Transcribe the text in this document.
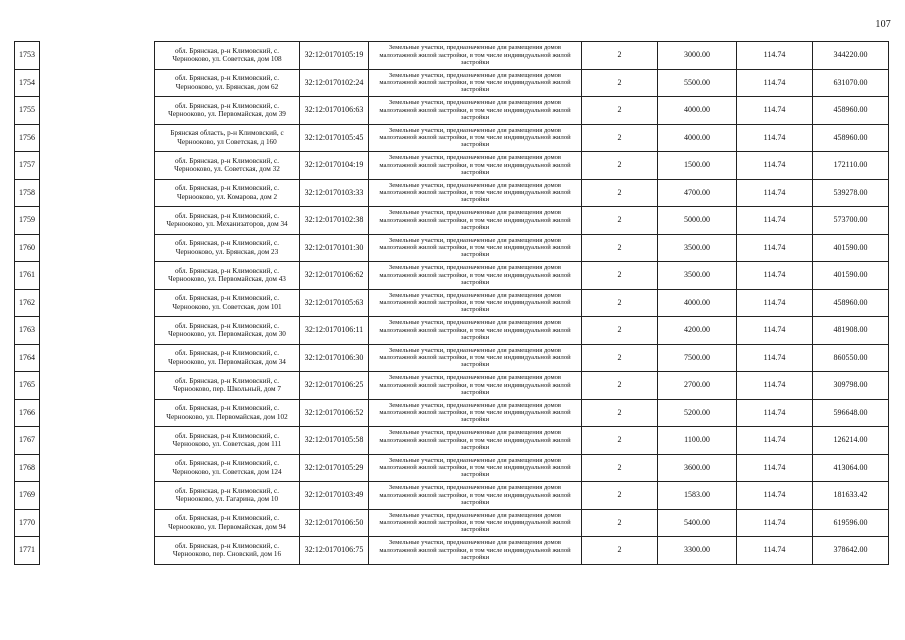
107
1753		обл. Брянская, р-н Климовский, с. Чернооково, ул. Советская, дом 108	32:12:0170105:19	Земельные участки, предназначенные для размещения домов малоэтажной жилой застройки, в том числе индивидуальной жилой застройки	2	3000.00	114.74	344220.00
1754		обл. Брянская, р-н Климовский, с. Чернооково, ул. Брянская, дом 62	32:12:0170102:24	Земельные участки, предназначенные для размещения домов малоэтажной жилой застройки, в том числе индивидуальной жилой застройки	2	5500.00	114.74	631070.00
1755		обл. Брянская, р-н Климовский, с. Чернооково, ул. Первомайская, дом 39	32:12:0170106:63	Земельные участки, предназначенные для размещения домов малоэтажной жилой застройки, в том числе индивидуальной жилой застройки	2	4000.00	114.74	458960.00
1756		Брянская область, р-н Климовский, с Чернооково, ул Советская, д 160	32:12:0170105:45	Земельные участки, предназначенные для размещения домов малоэтажной жилой застройки, в том числе индивидуальной жилой застройки	2	4000.00	114.74	458960.00
1757		обл. Брянская, р-н Климовский, с. Чернооково, ул. Советская, дом 32	32:12:0170104:19	Земельные участки, предназначенные для размещения домов малоэтажной жилой застройки, в том числе индивидуальной жилой застройки	2	1500.00	114.74	172110.00
1758		обл. Брянская, р-н Климовский, с. Чернооково, ул. Комарова, дом 2	32:12:0170103:33	Земельные участки, предназначенные для размещения домов малоэтажной жилой застройки, в том числе индивидуальной жилой застройки	2	4700.00	114.74	539278.00
1759		обл. Брянская, р-н Климовский, с. Чернооково, ул. Механизаторов, дом 34	32:12:0170102:38	Земельные участки, предназначенные для размещения домов малоэтажной жилой застройки, в том числе индивидуальной жилой застройки	2	5000.00	114.74	573700.00
1760		обл. Брянская, р-н Климовский, с. Чернооково, ул. Брянская, дом 23	32:12:0170101:30	Земельные участки, предназначенные для размещения домов малоэтажной жилой застройки, в том числе индивидуальной жилой застройки	2	3500.00	114.74	401590.00
1761		обл. Брянская, р-н Климовский, с. Чернооково, ул. Первомайская, дом 43	32:12:0170106:62	Земельные участки, предназначенные для размещения домов малоэтажной жилой застройки, в том числе индивидуальной жилой застройки	2	3500.00	114.74	401590.00
1762		обл. Брянская, р-н Климовский, с. Чернооково, ул. Советская, дом 101	32:12:0170105:63	Земельные участки, предназначенные для размещения домов малоэтажной жилой застройки, в том числе индивидуальной жилой застройки	2	4000.00	114.74	458960.00
1763		обл. Брянская, р-н Климовский, с. Чернооково, ул. Первомайская, дом 30	32:12:0170106:11	Земельные участки, предназначенные для размещения домов малоэтажной жилой застройки, в том числе индивидуальной жилой застройки	2	4200.00	114.74	481908.00
1764		обл. Брянская, р-н Климовский, с. Чернооково, ул. Первомайская, дом 34	32:12:0170106:30	Земельные участки, предназначенные для размещения домов малоэтажной жилой застройки, в том числе индивидуальной жилой застройки	2	7500.00	114.74	860550.00
1765		обл. Брянская, р-н Климовский, с. Чернооково, пер. Школьный, дом 7	32:12:0170106:25	Земельные участки, предназначенные для размещения домов малоэтажной жилой застройки, в том числе индивидуальной жилой застройки	2	2700.00	114.74	309798.00
1766		обл. Брянская, р-н Климовский, с. Чернооково, ул. Первомайская, дом 102	32:12:0170106:52	Земельные участки, предназначенные для размещения домов малоэтажной жилой застройки, в том числе индивидуальной жилой застройки	2	5200.00	114.74	596648.00
1767		обл. Брянская, р-н Климовский, с. Чернооково, ул. Советская, дом 111	32:12:0170105:58	Земельные участки, предназначенные для размещения домов малоэтажной жилой застройки, в том числе индивидуальной жилой застройки	2	1100.00	114.74	126214.00
1768		обл. Брянская, р-н Климовский, с. Чернооково, ул. Советская, дом 124	32:12:0170105:29	Земельные участки, предназначенные для размещения домов малоэтажной жилой застройки, в том числе индивидуальной жилой застройки	2	3600.00	114.74	413064.00
1769		обл. Брянская, р-н Климовский, с. Чернооково, ул. Гагарина, дом 10	32:12:0170103:49	Земельные участки, предназначенные для размещения домов малоэтажной жилой застройки, в том числе индивидуальной жилой застройки	2	1583.00	114.74	181633.42
1770		обл. Брянская, р-н Климовский, с. Чернооково, ул. Первомайская, дом 94	32:12:0170106:50	Земельные участки, предназначенные для размещения домов малоэтажной жилой застройки, в том числе индивидуальной жилой застройки	2	5400.00	114.74	619596.00
1771		обл. Брянская, р-н Климовский, с. Чернооково, пер. Сновский, дом 16	32:12:0170106:75	Земельные участки, предназначенные для размещения домов малоэтажной жилой застройки, в том числе индивидуальной жилой застройки	2	3300.00	114.74	378642.00
